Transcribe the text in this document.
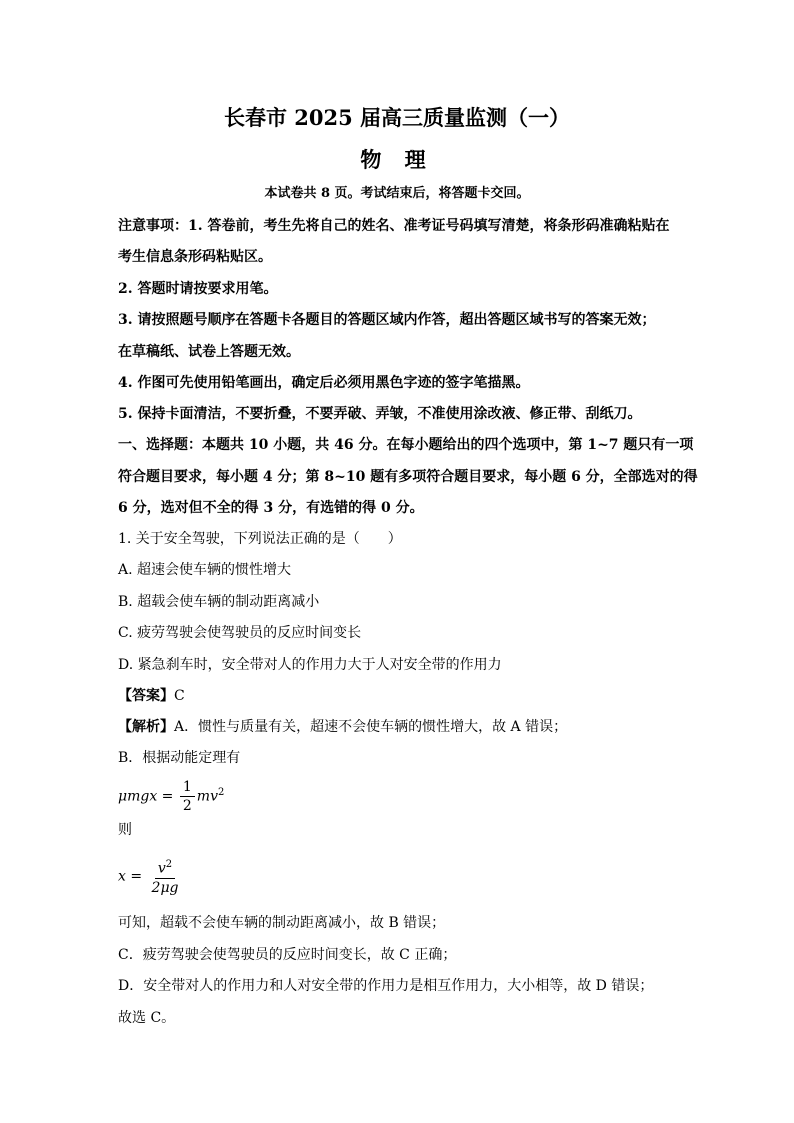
长春市 2025 届高三质量监测（一）
物 理
本试卷共 8 页。考试结束后，将答题卡交回。
注意事项：1. 答卷前，考生先将自己的姓名、准考证号码填写清楚，将条形码准确粘贴在
考生信息条形码粘贴区。
2. 答题时请按要求用笔。
3. 请按照题号顺序在答题卡各题目的答题区域内作答，超出答题区域书写的答案无效；
在草稿纸、试卷上答题无效。
4. 作图可先使用铅笔画出，确定后必须用黑色字迹的签字笔描黑。
5. 保持卡面清洁，不要折叠，不要弄破、弄皱，不准使用涂改液、修正带、刮纸刀。
一、选择题：本题共 10 小题，共 46 分。在每小题给出的四个选项中，第 1~7 题只有一项
符合题目要求，每小题 4 分；第 8~10 题有多项符合题目要求，每小题 6 分，全部选对的得
6 分，选对但不全的得 3 分，有选错的得 0 分。
1. 关于安全驾驶，下列说法正确的是（　　）
A. 超速会使车辆的惯性增大
B. 超载会使车辆的制动距离减小
C. 疲劳驾驶会使驾驶员的反应时间变长
D. 紧急刹车时，安全带对人的作用力大于人对安全带的作用力
【答案】C
【解析】A．惯性与质量有关，超速不会使车辆的惯性增大，故 A 错误；
B．根据动能定理有
$\mu mgx = \frac{1}{2} mv^2$
则
$x = \frac{v^2}{2\mu g}$
可知，超载不会使车辆的制动距离减小，故 B 错误；
C．疲劳驾驶会使驾驶员的反应时间变长，故 C 正确；
D．安全带对人的作用力和人对安全带的作用力是相互作用力，大小相等，故 D 错误；
故选 C。
